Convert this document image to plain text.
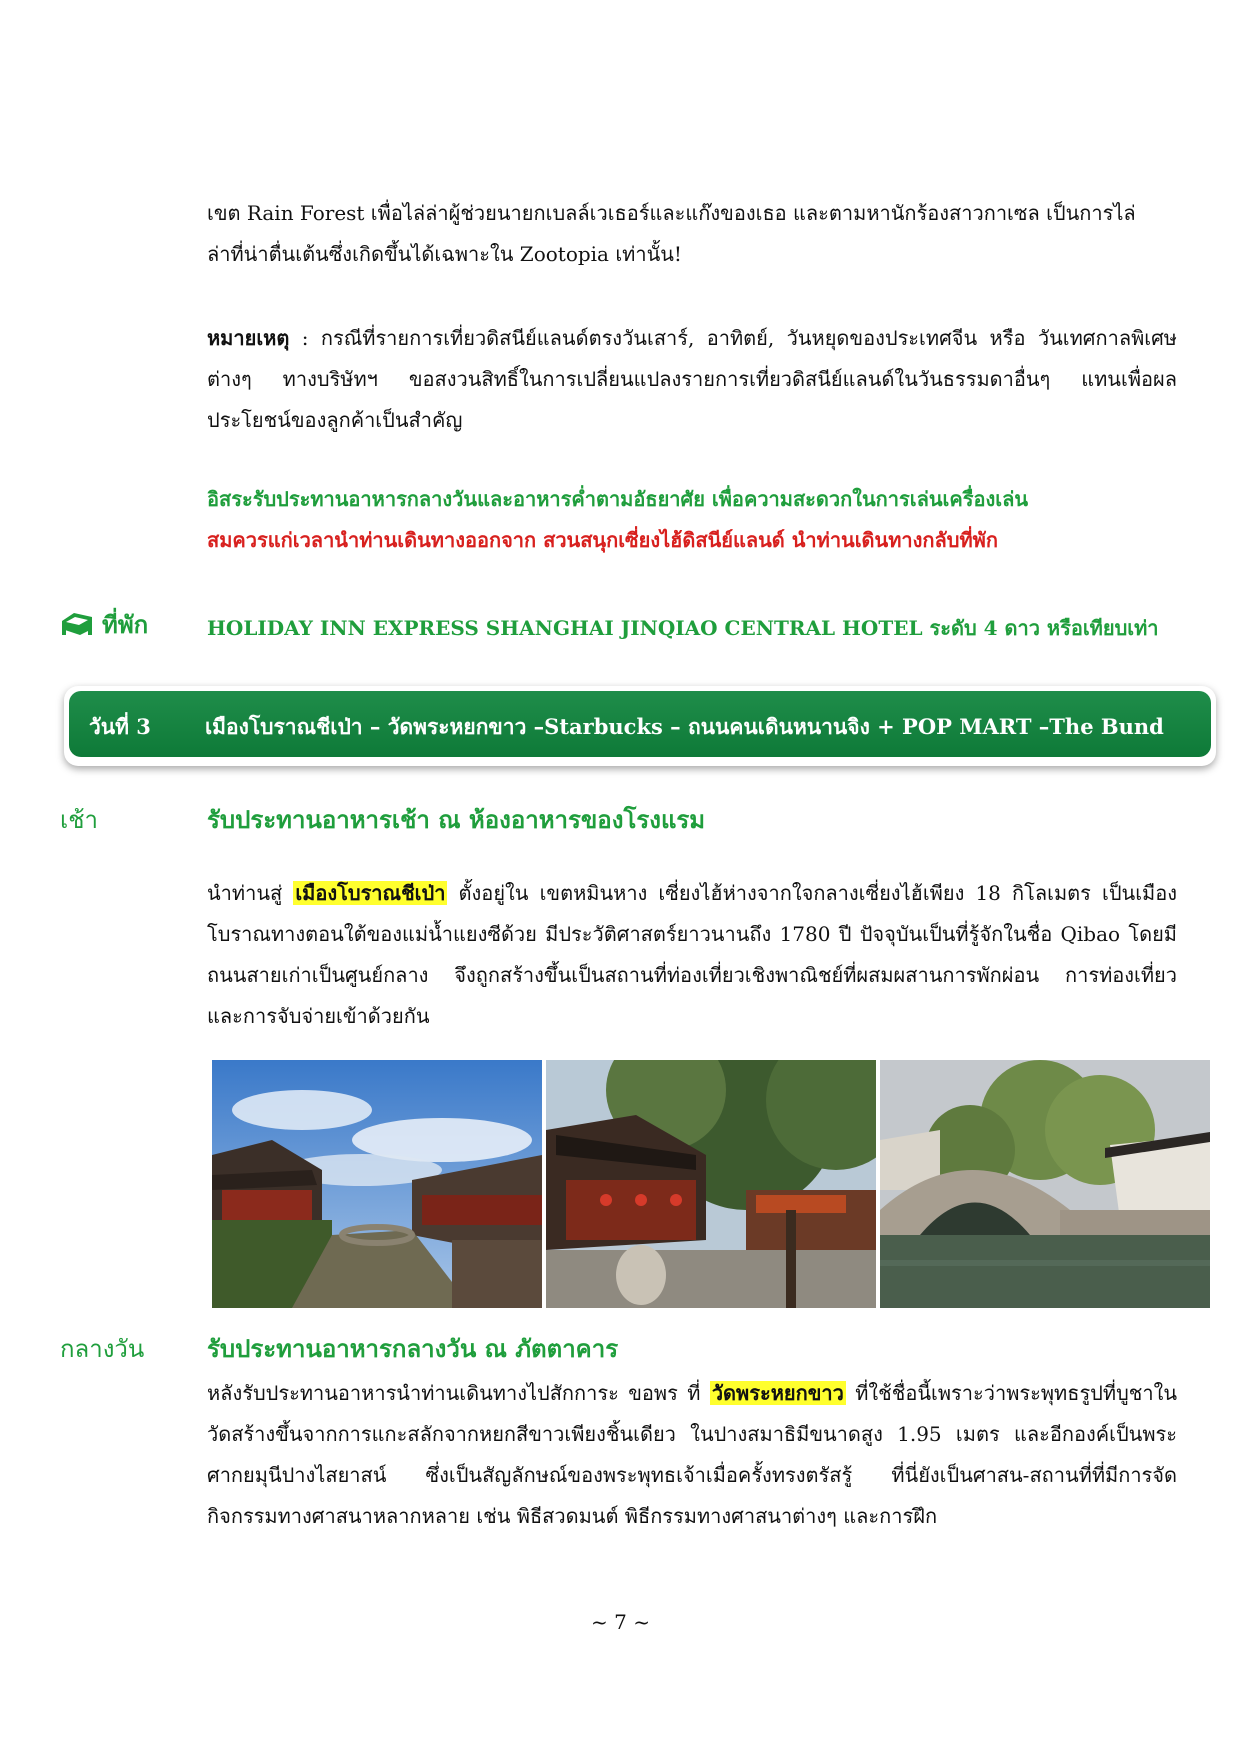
เขต Rain Forest เพื่อไล่ล่าผู้ช่วยนายกเบลล์เวเธอร์และแก๊งของเธอ และตามหานักร้องสาวกาเซล เป็นการไล่
ล่าที่น่าตื่นเต้นซึ่งเกิดขึ้นได้เฉพาะใน Zootopia เท่านั้น!
หมายเหตุ : กรณีที่รายการเที่ยวดิสนีย์แลนด์ตรงวันเสาร์, อาทิตย์, วันหยุดของประเทศจีน หรือ วันเทศกาลพิเศษต่างๆ ทางบริษัทฯ ขอสงวนสิทธิ์ในการเปลี่ยนแปลงรายการเที่ยวดิสนีย์แลนด์ในวันธรรมดาอื่นๆ แทนเพื่อผลประโยชน์ของลูกค้าเป็นสำคัญ
อิสระรับประทานอาหารกลางวันและอาหารค่ำตามอัธยาศัย เพื่อความสะดวกในการเล่นเครื่องเล่น
สมควรแก่เวลานำท่านเดินทางออกจาก สวนสนุกเซี่ยงไฮ้ดิสนีย์แลนด์ นำท่านเดินทางกลับที่พัก
ที่พัก	HOLIDAY INN EXPRESS SHANGHAI JINQIAO CENTRAL HOTEL ระดับ 4 ดาว หรือเทียบเท่า
วันที่ 3	เมืองโบราณชีเป่า – วัดพระหยกขาว –Starbucks – ถนนคนเดินหนานจิง + POP MART –The Bund
เช้า	รับประทานอาหารเช้า ณ ห้องอาหารของโรงแรม
นำท่านสู่ เมืองโบราณชีเป่า ตั้งอยู่ใน เขตหมินหาง เซี่ยงไฮ้ห่างจากใจกลางเซี่ยงไฮ้เพียง 18 กิโลเมตร เป็นเมืองโบราณทางตอนใต้ของแม่น้ำแยงซีด้วย มีประวัติศาสตร์ยาวนานถึง 1780 ปี ปัจจุบันเป็นที่รู้จักในชื่อ Qibao โดยมีถนนสายเก่าเป็นศูนย์กลาง จึงถูกสร้างขึ้นเป็นสถานที่ท่องเที่ยวเชิงพาณิชย์ที่ผสมผสานการพักผ่อน การท่องเที่ยว และการจับจ่ายเข้าด้วยกัน
กลางวัน	รับประทานอาหารกลางวัน ณ ภัตตาคาร
หลังรับประทานอาหารนำท่านเดินทางไปสักการะ ขอพร ที่ วัดพระหยกขาว ที่ใช้ชื่อนี้เพราะว่าพระพุทธรูปที่บูชาในวัดสร้างขึ้นจากการแกะสลักจากหยกสีขาวเพียงชิ้นเดียว ในปางสมาธิมีขนาดสูง 1.95 เมตร และอีกองค์เป็นพระศากยมุนีปางไสยาสน์ ซึ่งเป็นสัญลักษณ์ของพระพุทธเจ้าเมื่อครั้งทรงตรัสรู้ ที่นี่ยังเป็นศาสน-สถานที่ที่มีการจัดกิจกรรมทางศาสนาหลากหลาย เช่น พิธีสวดมนต์ พิธีกรรมทางศาสนาต่างๆ และการฝึก
~ 7 ~
